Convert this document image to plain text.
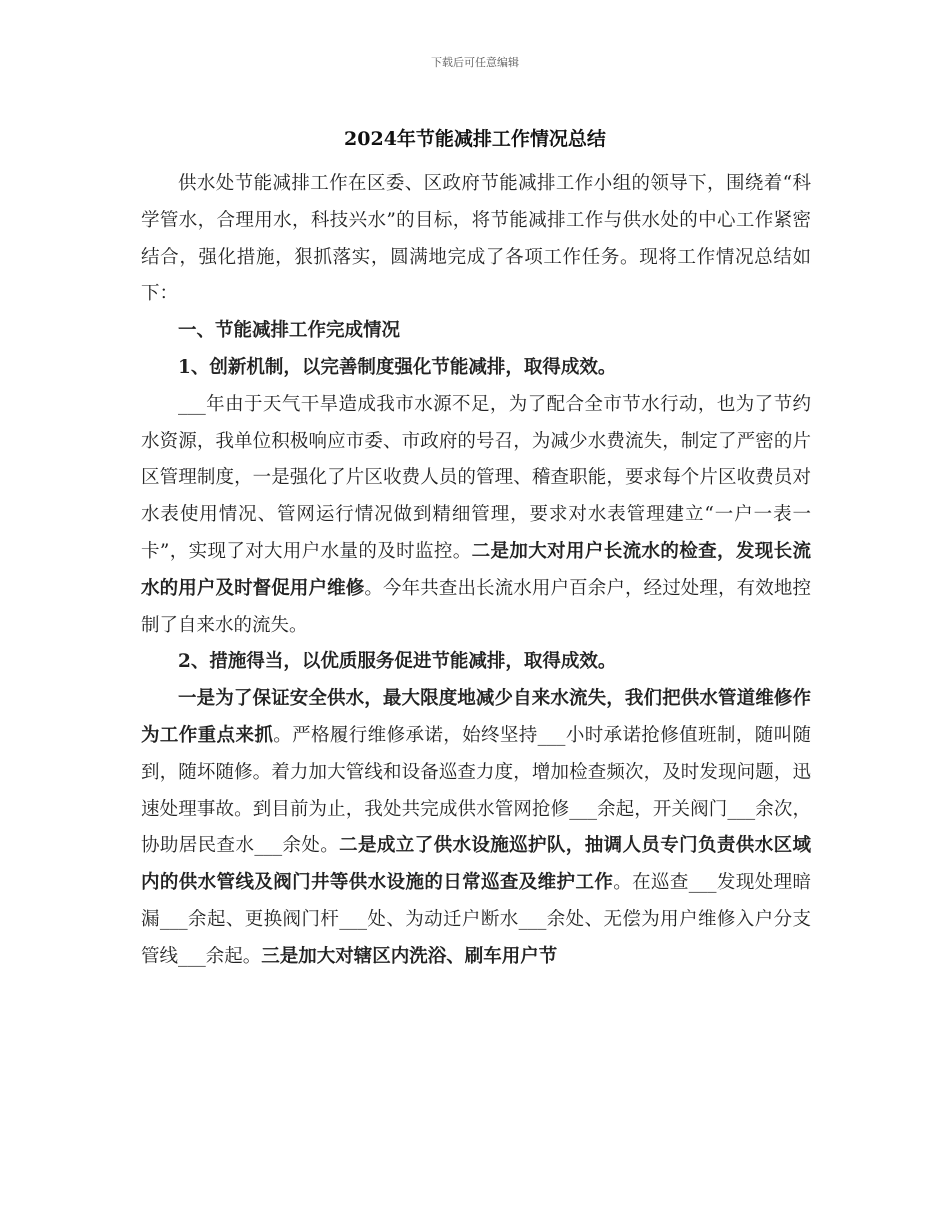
下载后可任意编辑
2024年节能减排工作情况总结

供水处节能减排工作在区委、区政府节能减排工作小组的领导下，围绕着“科学管水，合理用水，科技兴水”的目标，将节能减排工作与供水处的中心工作紧密结合，强化措施，狠抓落实，圆满地完成了各项工作任务。现将工作情况总结如下：

一、节能减排工作完成情况

1、创新机制，以完善制度强化节能减排，取得成效。

___年由于天气干旱造成我市水源不足，为了配合全市节水行动，也为了节约水资源，我单位积极响应市委、市政府的号召，为减少水费流失，制定了严密的片区管理制度，一是强化了片区收费人员的管理、稽查职能，要求每个片区收费员对水表使用情况、管网运行情况做到精细管理，要求对水表管理建立“一户一表一卡”，实现了对大用户水量的及时监控。二是加大对用户长流水的检查，发现长流水的用户及时督促用户维修。今年共查出长流水用户百余户，经过处理，有效地控制了自来水的流失。

2、措施得当，以优质服务促进节能减排，取得成效。

一是为了保证安全供水，最大限度地减少自来水流失，我们把供水管道维修作为工作重点来抓。严格履行维修承诺，始终坚持___小时承诺抢修值班制，随叫随到，随坏随修。着力加大管线和设备巡查力度，增加检查频次，及时发现问题，迅速处理事故。到目前为止，我处共完成供水管网抢修___余起，开关阀门___余次，协助居民查水___余处。二是成立了供水设施巡护队，抽调人员专门负责供水区域内的供水管线及阀门井等供水设施的日常巡查及维护工作。在巡查___发现处理暗漏___余起、更换阀门杆___处、为动迁户断水___余处、无偿为用户维修入户分支管线___余起。三是加大对辖区内洗浴、刷车用户节
